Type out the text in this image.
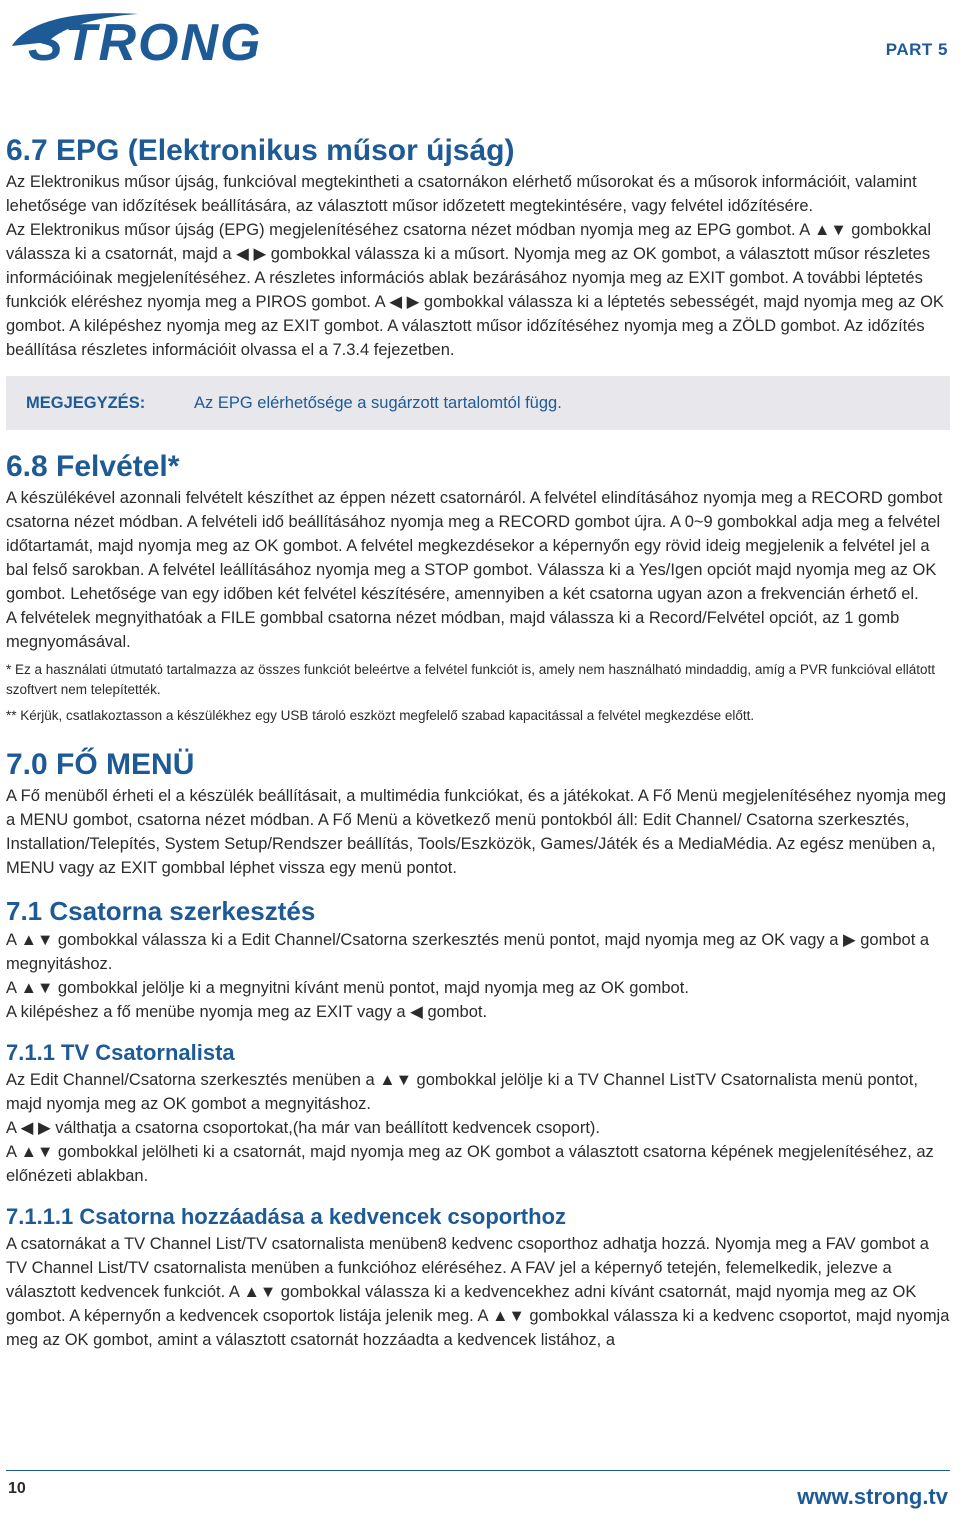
STRONG	PART 5
6.7 EPG (Elektronikus műsor újság)

Az Elektronikus műsor újság, funkcióval megtekintheti a csatornákon elérhető műsorokat és a műsorok információit, valamint lehetősége van időzítések beállítására, az választott műsor időzetett megtekintésére, vagy felvétel időzítésére.

Az Elektronikus műsor újság (EPG) megjelenítéséhez csatorna nézet módban nyomja meg az EPG gombot. A ▲▼ gombokkal válassza ki a csatornát, majd a ◀ ▶ gombokkal válassza ki a műsort. Nyomja meg az OK gombot, a választott műsor részletes információinak megjelenítéséhez. A részletes információs ablak bezárásához nyomja meg az EXIT gombot. A további léptetés funkciók eléréshez nyomja meg a PIROS gombot. A ◀ ▶ gombokkal válassza ki a léptetés sebességét, majd nyomja meg az OK gombot. A kilépéshez nyomja meg az EXIT gombot. A választott műsor időzítéséhez nyomja meg a ZÖLD gombot. Az időzítés beállítása részletes információit olvassa el a 7.3.4 fejezetben.

MEGJEGYZÉS:	Az EPG elérhetősége a sugárzott tartalomtól függ.
6.8 Felvétel*

A készülékével azonnali felvételt készíthet az éppen nézett csatornáról. A felvétel elindításához nyomja meg a RECORD gombot csatorna nézet módban. A felvételi idő beállításához nyomja meg a RECORD gombot újra. A 0~9 gombokkal adja meg a felvétel időtartamát, majd nyomja meg az OK gombot. A felvétel megkezdésekor a képernyőn egy rövid ideig megjelenik a felvétel jel a bal felső sarokban. A felvétel leállításához nyomja meg a STOP gombot. Válassza ki a Yes/Igen opciót majd nyomja meg az OK gombot. Lehetősége van egy időben két felvétel készítésére, amennyiben a két csatorna ugyan azon a frekvencián érhető el.

A felvételek megnyithatóak a FILE gombbal csatorna nézet módban, majd válassza ki a Record/Felvétel opciót, az 1 gomb megnyomásával.

* Ez a használati útmutató tartalmazza az összes funkciót beleértve a felvétel funkciót is, amely nem használható mindaddig, amíg a PVR funkcióval ellátott szoftvert nem telepítették.

** Kérjük, csatlakoztasson a készülékhez egy USB tároló eszközt megfelelő szabad kapacitással a felvétel megkezdése előtt.

7.0 FŐ MENÜ

A Fő menüből érheti el a készülék beállításait, a multimédia funkciókat, és a játékokat. A Fő Menü megjelenítéséhez nyomja meg a MENU gombot, csatorna nézet módban. A Fő Menü a következő menü pontokból áll: Edit Channel/ Csatorna szerkesztés, Installation/Telepítés, System Setup/Rendszer beállítás, Tools/Eszközök, Games/Játék és a MediaMédia. Az egész menüben a, MENU vagy az EXIT gombbal léphet vissza egy menü pontot.

7.1 Csatorna szerkesztés

A ▲▼ gombokkal válassza ki a Edit Channel/Csatorna szerkesztés menü pontot, majd nyomja meg az OK vagy a ▶ gombot a megnyitáshoz.

A ▲▼ gombokkal jelölje ki a megnyitni kívánt menü pontot, majd nyomja meg az OK gombot.

A kilépéshez a fő menübe nyomja meg az EXIT vagy a ◀ gombot.

7.1.1 TV Csatornalista

Az Edit Channel/Csatorna szerkesztés menüben a ▲▼ gombokkal jelölje ki a TV Channel ListTV Csatornalista menü pontot, majd nyomja meg az OK gombot a megnyitáshoz.

A ◀ ▶ válthatja a csatorna csoportokat,(ha már van beállított kedvencek csoport).

A ▲▼ gombokkal jelölheti ki a csatornát, majd nyomja meg az OK gombot a választott csatorna képének megjelenítéséhez, az előnézeti ablakban.

7.1.1.1 Csatorna hozzáadása a kedvencek csoporthoz

A csatornákat a TV Channel List/TV csatornalista menüben8 kedvenc csoporthoz adhatja hozzá. Nyomja meg a FAV gombot a TV Channel List/TV csatornalista menüben a funkcióhoz eléréséhez. A FAV jel a képernyő tetején, felemelkedik, jelezve a választott kedvencek funkciót. A ▲▼ gombokkal válassza ki a kedvencekhez adni kívánt csatornát, majd nyomja meg az OK gombot. A képernyőn a kedvencek csoportok listája jelenik meg. A ▲▼ gombokkal válassza ki a kedvenc csoportot, majd nyomja meg az OK gombot, amint a választott csatornát hozzáadta a kedvencek listához, a

10	www.strong.tv
